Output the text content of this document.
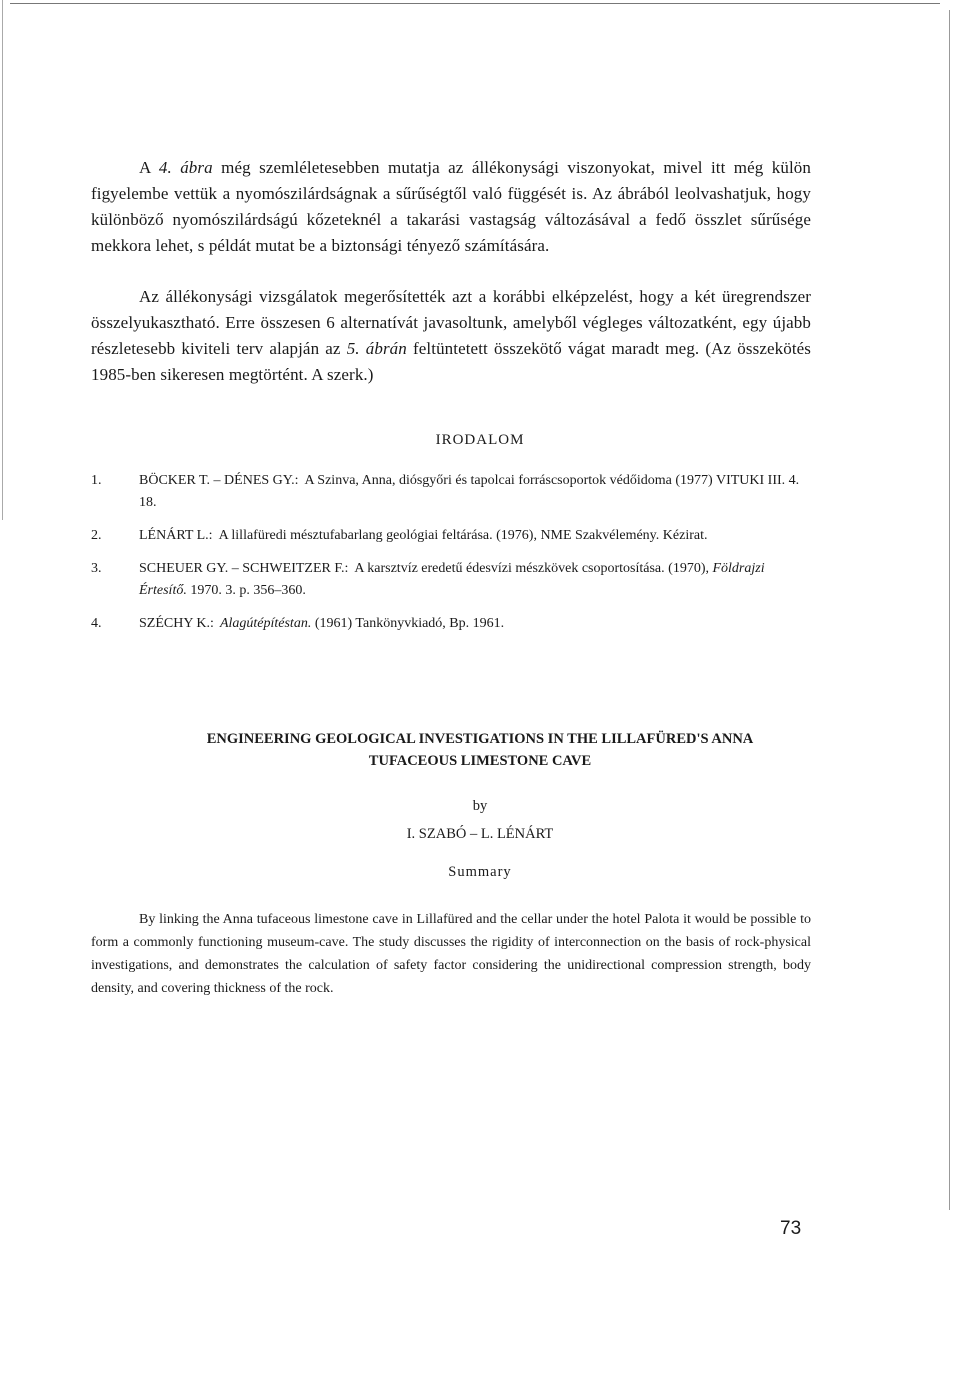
A 4. ábra még szemléletesebben mutatja az állékonysági viszonyokat, mivel itt még külön figyelembe vettük a nyomószilárdságnak a sűrűségtől való függését is. Az ábrából leolvashatjuk, hogy különböző nyomószilárdságú kőzeteknél a takarási vastagság változásával a fedő összlet sűrűsége mekkora lehet, s példát mutat be a biztonsági tényező számítására.
Az állékonysági vizsgálatok megerősítették azt a korábbi elképzelést, hogy a két üregrendszer összelyukasztható. Erre összesen 6 alternatívát javasoltunk, amelyből végleges változatként, egy újabb részletesebb kiviteli terv alapján az 5. ábrán feltüntetett összekötő vágat maradt meg. (Az összekötés 1985-ben sikeresen megtörtént. A szerk.)
IRODALOM
1.	BÖCKER T. – DÉNES GY.: A Szinva, Anna, diósgyőri és tapolcai forráscsoportok védőidoma (1977) VITUKI III. 4. 18.
2.	LÉNÁRT L.: A lillafüredi mésztufabarlang geológiai feltárása. (1976), NME Szakvélemény. Kézirat.
3.	SCHEUER GY. – SCHWEITZER F.: A karsztvíz eredetű édesvízi mészkövek csoportosítása. (1970), Földrajzi Értesítő. 1970. 3. p. 356–360.
4.	SZÉCHY K.: Alagútépítéstan. (1961) Tankönyvkiadó, Bp. 1961.
ENGINEERING GEOLOGICAL INVESTIGATIONS IN THE LILLAFÜRED'S ANNA
TUFACEOUS LIMESTONE CAVE
by
I. SZABÓ – L. LÉNÁRT
Summary
By linking the Anna tufaceous limestone cave in Lillafüred and the cellar under the hotel Palota it would be possible to form a commonly functioning museum-cave. The study discusses the rigidity of interconnection on the basis of rock-physical investigations, and demonstrates the calculation of safety factor considering the unidirectional compression strength, body density, and covering thickness of the rock.
73
